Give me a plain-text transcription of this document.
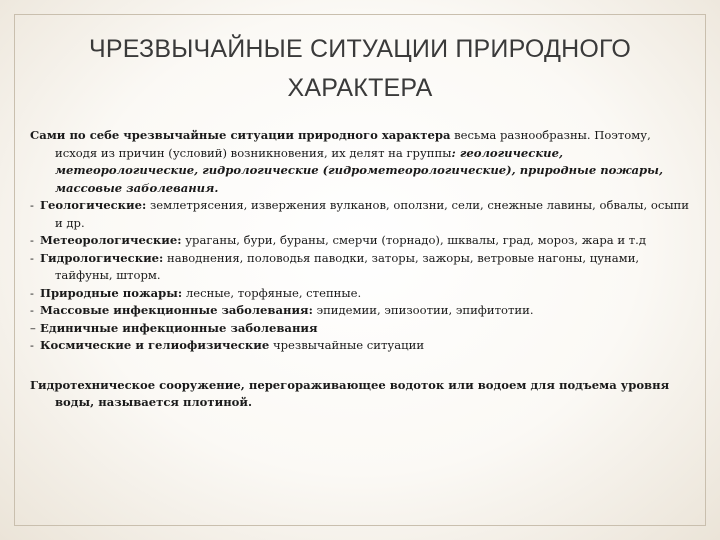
ЧРЕЗВЫЧАЙНЫЕ СИТУАЦИИ ПРИРОДНОГО
ХАРАКТЕРА

Сами по себе чрезвычайные ситуации природного характера весьма разнообразны. Поэтому, исходя из причин (условий) возникновения, их делят на группы: геологические, метеорологические, гидрологические (гидрометеорологические), природные пожары, массовые заболевания.

- Геологические: землетрясения, извержения вулканов, оползни, сели, снежные лавины, обвалы, осыпи и др.

- Метеорологические: ураганы, бури, бураны, смерчи (торнадо), шквалы, град, мороз, жара и т.д

- Гидрологические: наводнения, половодья паводки, заторы, зажоры, ветровые нагоны, цунами, тайфуны, шторм.

- Природные пожары: лесные, торфяные, степные.

- Массовые инфекционные заболевания: эпидемии, эпизоотии, эпифитотии.

– Единичные инфекционные заболевания

- Космические и гелиофизические чрезвычайные ситуации

Гидротехническое сооружение, перегораживающее водоток или водоем для подъема уровня воды, называется плотиной.
